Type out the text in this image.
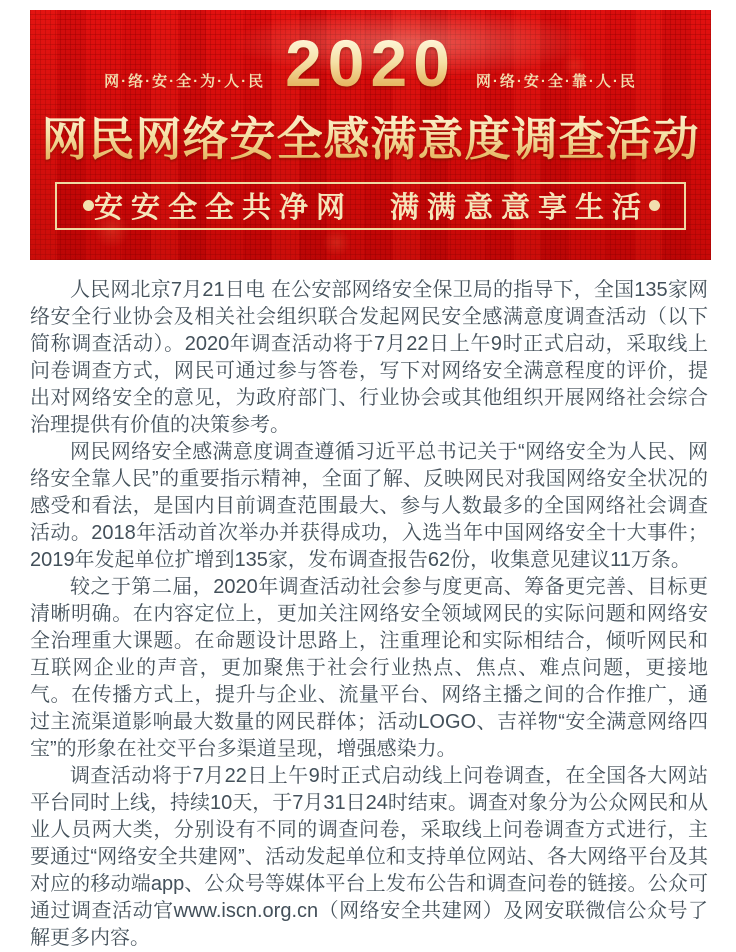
网·络·安·全·为·人·民 2020 网·络·安·全·靠·人·民
网民网络安全感满意度调查活动
安安全全共净网　满满意意享生活

人民网北京7月21日电 在公安部网络安全保卫局的指导下，全国135家网络安全行业协会及相关社会组织联合发起网民安全感满意度调查活动（以下简称调查活动）。2020年调查活动将于7月22日上午9时正式启动，采取线上问卷调查方式，网民可通过参与答卷，写下对网络安全满意程度的评价，提出对网络安全的意见，为政府部门、行业协会或其他组织开展网络社会综合治理提供有价值的决策参考。

网民网络安全感满意度调查遵循习近平总书记关于“网络安全为人民、网络安全靠人民”的重要指示精神，全面了解、反映网民对我国网络安全状况的感受和看法，是国内目前调查范围最大、参与人数最多的全国网络社会调查活动。2018年活动首次举办并获得成功，入选当年中国网络安全十大事件；2019年发起单位扩增到135家，发布调查报告62份，收集意见建议11万条。

较之于第二届，2020年调查活动社会参与度更高、筹备更完善、目标更清晰明确。在内容定位上，更加关注网络安全领域网民的实际问题和网络安全治理重大课题。在命题设计思路上，注重理论和实际相结合，倾听网民和互联网企业的声音，更加聚焦于社会行业热点、焦点、难点问题，更接地气。在传播方式上，提升与企业、流量平台、网络主播之间的合作推广，通过主流渠道影响最大数量的网民群体；活动LOGO、吉祥物“安全满意网络四宝”的形象在社交平台多渠道呈现，增强感染力。

调查活动将于7月22日上午9时正式启动线上问卷调查，在全国各大网站平台同时上线，持续10天，于7月31日24时结束。调查对象分为公众网民和从业人员两大类，分别设有不同的调查问卷，采取线上问卷调查方式进行，主要通过“网络安全共建网”、活动发起单位和支持单位网站、各大网络平台及其对应的移动端app、公众号等媒体平台上发布公告和调查问卷的链接。公众可通过调查活动官www.iscn.org.cn（网络安全共建网）及网安联微信公众号了解更多内容。
